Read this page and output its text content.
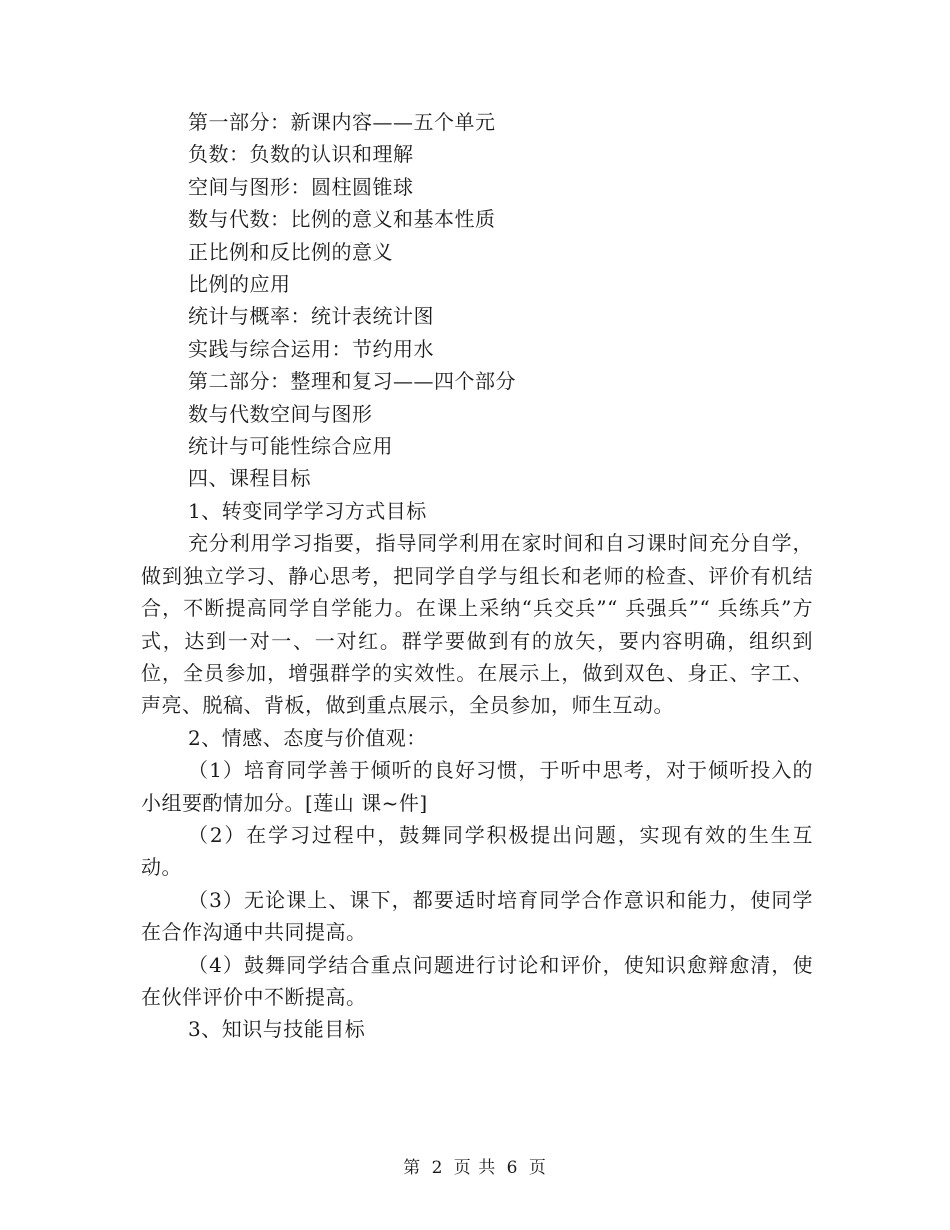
第一部分：新课内容——五个单元

负数：负数的认识和理解

空间与图形：圆柱圆锥球

数与代数：比例的意义和基本性质

正比例和反比例的意义

比例的应用

统计与概率：统计表统计图

实践与综合运用：节约用水

第二部分：整理和复习——四个部分

数与代数空间与图形

统计与可能性综合应用

四、课程目标

1、转变同学学习方式目标

充分利用学习指要，指导同学利用在家时间和自习课时间充分自学，做到独立学习、静心思考，把同学自学与组长和老师的检查、评价有机结合，不断提高同学自学能力。在课上采纳“兵交兵”“ 兵强兵”“ 兵练兵”方式，达到一对一、一对红。群学要做到有的放矢，要内容明确，组织到位，全员参加，增强群学的实效性。在展示上，做到双色、身正、字工、声亮、脱稿、背板，做到重点展示，全员参加，师生互动。

2、情感、态度与价值观：

（1）培育同学善于倾听的良好习惯，于听中思考，对于倾听投入的小组要酌情加分。[莲山 课~件]

（2）在学习过程中，鼓舞同学积极提出问题，实现有效的生生互动。

（3）无论课上、课下，都要适时培育同学合作意识和能力，使同学在合作沟通中共同提高。

（4）鼓舞同学结合重点问题进行讨论和评价，使知识愈辩愈清，使在伙伴评价中不断提高。

3、知识与技能目标

第 2 页 共 6 页
